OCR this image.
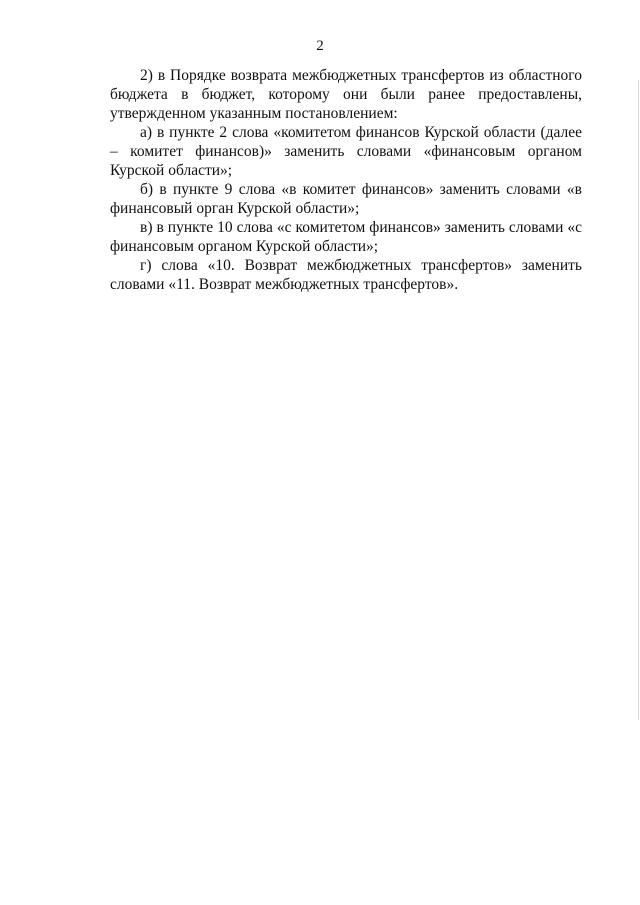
2

2) в Порядке возврата межбюджетных трансфертов из областного бюджета в бюджет, которому они были ранее предоставлены, утвержденном указанным постановлением:

а) в пункте 2 слова «комитетом финансов Курской области (далее – комитет финансов)» заменить словами «финансовым органом Курской области»;

б) в пункте 9 слова «в комитет финансов» заменить словами «в финансовый орган Курской области»;

в) в пункте 10 слова «с комитетом финансов» заменить словами «с финансовым органом Курской области»;

г) слова «10. Возврат межбюджетных трансфертов» заменить словами «11. Возврат межбюджетных трансфертов».
